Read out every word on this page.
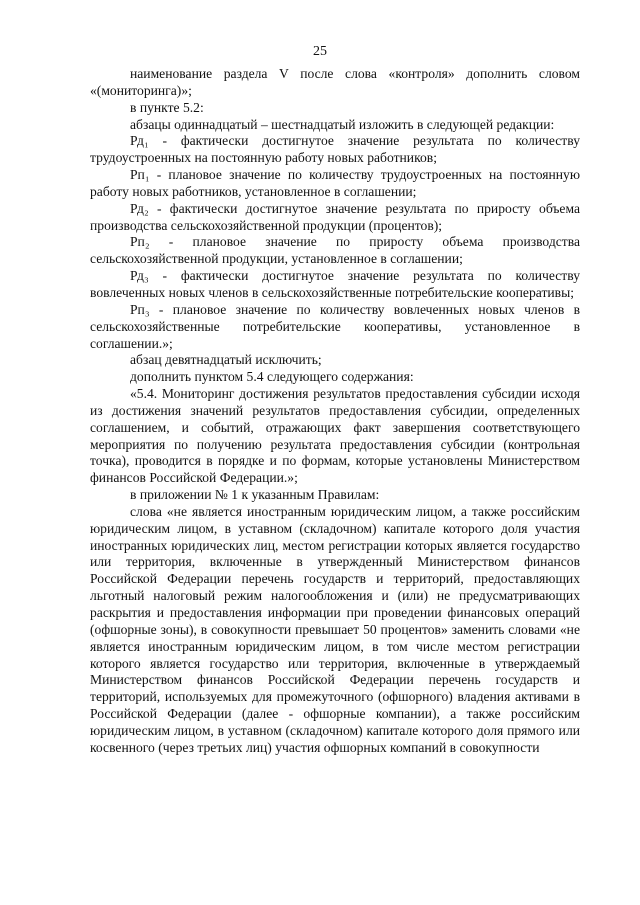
25

наименование раздела V после слова «контроля» дополнить словом «(мониторинга)»;

в пункте 5.2:

абзацы одиннадцатый – шестнадцатый изложить в следующей редакции:

Рд₁ - фактически достигнутое значение результата по количеству трудоустроенных на постоянную работу новых работников;

Рп₁ - плановое значение по количеству трудоустроенных на постоянную работу новых работников, установленное в соглашении;

Рд₂ - фактически достигнутое значение результата по приросту объема производства сельскохозяйственной продукции (процентов);

Рп₂ - плановое значение по приросту объема производства сельскохозяйственной продукции, установленное в соглашении;

Рд₃ - фактически достигнутое значение результата по количеству вовлеченных новых членов в сельскохозяйственные потребительские кооперативы;

Рп₃ - плановое значение по количеству вовлеченных новых членов в сельскохозяйственные потребительские кооперативы, установленное в соглашении.»;

абзац девятнадцатый исключить;

дополнить пунктом 5.4 следующего содержания:

«5.4. Мониторинг достижения результатов предоставления субсидии исходя из достижения значений результатов предоставления субсидии, определенных соглашением, и событий, отражающих факт завершения соответствующего мероприятия по получению результата предоставления субсидии (контрольная точка), проводится в порядке и по формам, которые установлены Министерством финансов Российской Федерации.»;

в приложении № 1 к указанным Правилам:

слова «не является иностранным юридическим лицом, а также российским юридическим лицом, в уставном (складочном) капитале которого доля участия иностранных юридических лиц, местом регистрации которых является государство или территория, включенные в утвержденный Министерством финансов Российской Федерации перечень государств и территорий, предоставляющих льготный налоговый режим налогообложения и (или) не предусматривающих раскрытия и предоставления информации при проведении финансовых операций (офшорные зоны), в совокупности превышает 50 процентов» заменить словами «не является иностранным юридическим лицом, в том числе местом регистрации которого является государство или территория, включенные в утверждаемый Министерством финансов Российской Федерации перечень государств и территорий, используемых для промежуточного (офшорного) владения активами в Российской Федерации (далее - офшорные компании), а также российским юридическим лицом, в уставном (складочном) капитале которого доля прямого или косвенного (через третьих лиц) участия офшорных компаний в совокупности
